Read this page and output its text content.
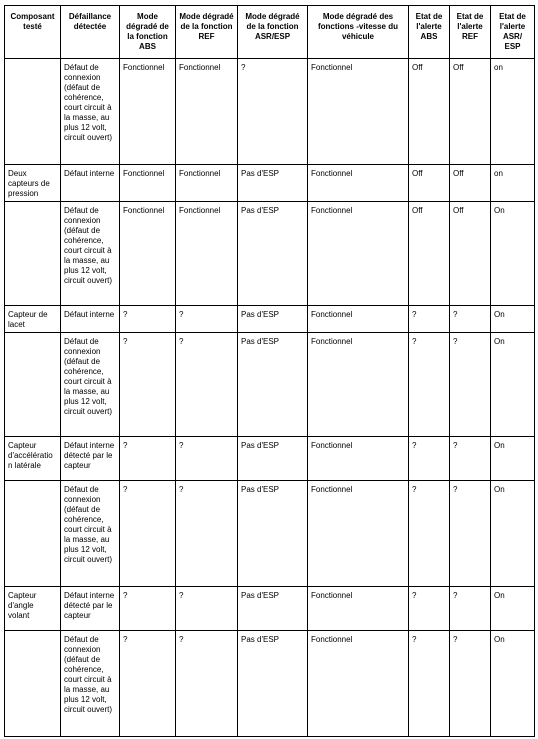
Composant testé	Défaillance détectée	Mode dégradé de la fonction ABS	Mode dégradé de la fonction REF	Mode dégradé de la fonction ASR/ESP	Mode dégradé des fonctions -vitesse du véhicule	Etat de l'alerte ABS	Etat de l'alerte REF	Etat de l'alerte ASR/ ESP
	Défaut de connexion (défaut de cohérence, court circuit à la masse, au plus 12 volt, circuit ouvert)	Fonctionnel	Fonctionnel	?	Fonctionnel	Off	Off	on
Deux capteurs de pression	Défaut interne	Fonctionnel	Fonctionnel	Pas d'ESP	Fonctionnel	Off	Off	on
	Défaut de connexion (défaut de cohérence, court circuit à la masse, au plus 12 volt, circuit ouvert)	Fonctionnel	Fonctionnel	Pas d'ESP	Fonctionnel	Off	Off	On
Capteur de lacet	Défaut interne	?	?	Pas d'ESP	Fonctionnel	?	?	On
	Défaut de connexion (défaut de cohérence, court circuit à la masse, au plus 12 volt, circuit ouvert)	?	?	Pas d'ESP	Fonctionnel	?	?	On
Capteur d'accélératio n latérale	Défaut interne détecté par le capteur	?	?	Pas d'ESP	Fonctionnel	?	?	On
	Défaut de connexion (défaut de cohérence, court circuit à la masse, au plus 12 volt, circuit ouvert)	?	?	Pas d'ESP	Fonctionnel	?	?	On
Capteur d'angle volant	Défaut interne détecté par le capteur	?	?	Pas d'ESP	Fonctionnel	?	?	On
	Défaut de connexion (défaut de cohérence, court circuit à la masse, au plus 12 volt, circuit ouvert)	?	?	Pas d'ESP	Fonctionnel	?	?	On
